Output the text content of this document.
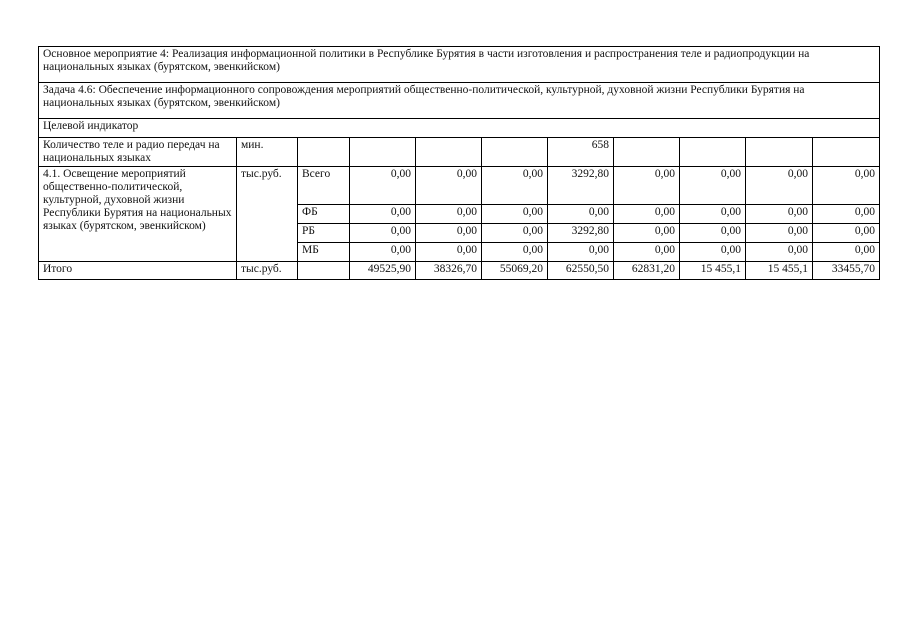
Основное мероприятие 4: Реализация информационной политики в Республике Бурятия в части изготовления и распространения теле и радиопродукции на национальных языках (бурятском, эвенкийском)										
Задача 4.6: Обеспечение информационного сопровождения мероприятий общественно-политической, культурной, духовной жизни Республики Бурятия на национальных языках (бурятском, эвенкийском)										
Целевой индикатор										
Количество теле и радио передач на национальных языках	мин.					658				
4.1. Освещение мероприятий общественно-политической, культурной, духовной жизни Республики Бурятия на национальных языках (бурятском, эвенкийском)	тыс.руб.	Всего	0,00	0,00	0,00	3292,80	0,00	0,00	0,00	0,00
		ФБ	0,00	0,00	0,00	0,00	0,00	0,00	0,00	0,00
		РБ	0,00	0,00	0,00	3292,80	0,00	0,00	0,00	0,00
		МБ	0,00	0,00	0,00	0,00	0,00	0,00	0,00	0,00
Итого	тыс.руб.		49525,90	38326,70	55069,20	62550,50	62831,20	15 455,1	15 455,1	33455,70
